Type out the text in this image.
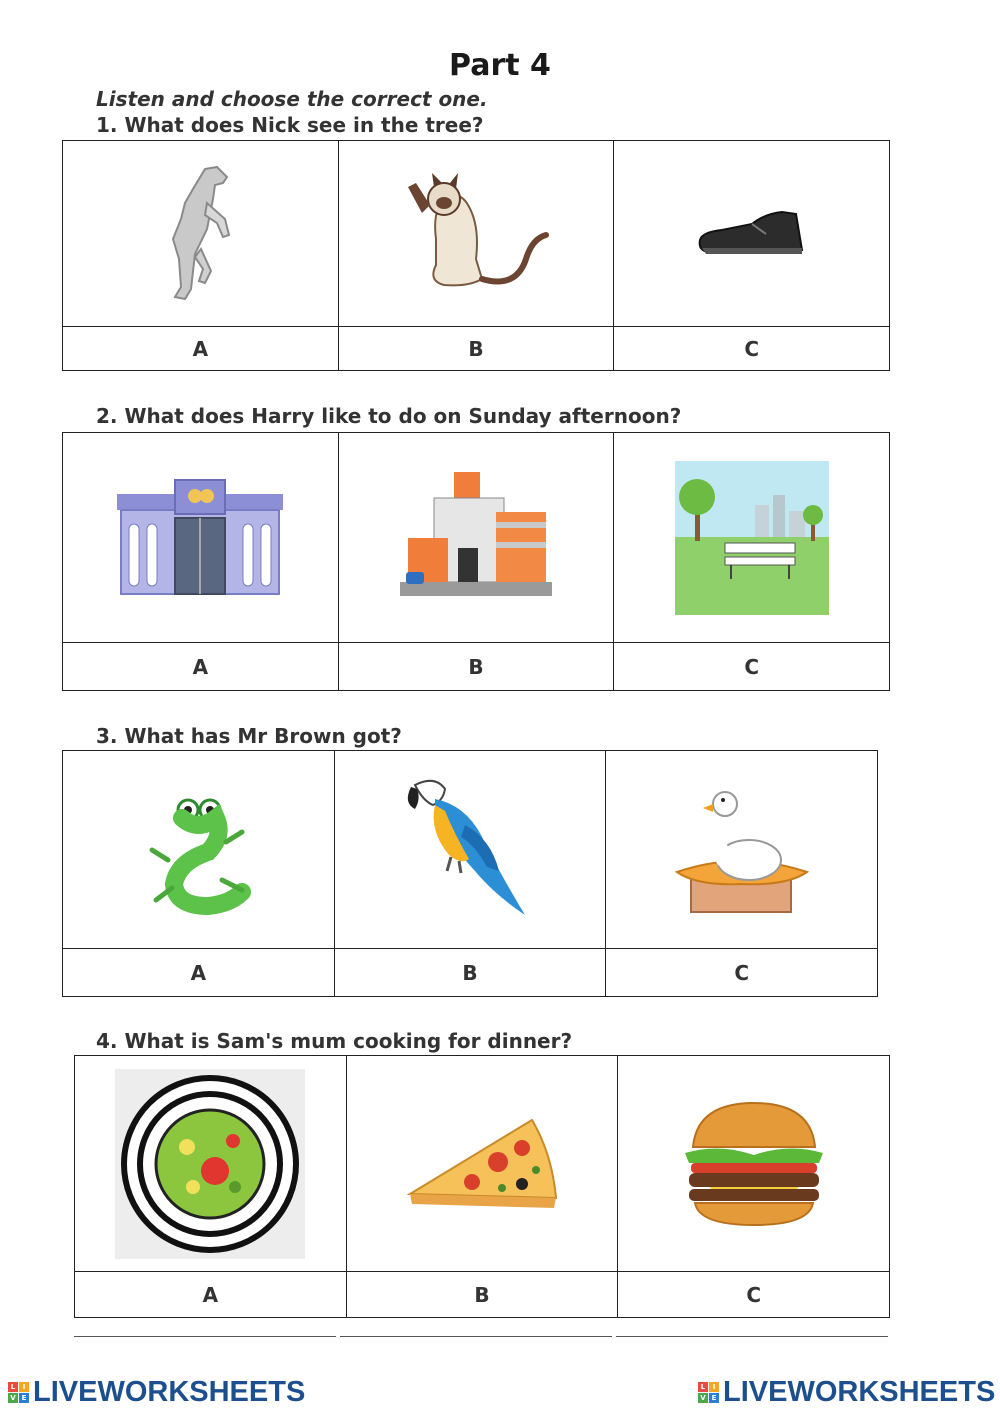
Part 4

Listen and choose the correct one.

1. What does Nick see in the tree?

A	B	C

2. What does Harry like to do on Sunday afternoon?

A	B	C

3. What has Mr Brown got?

A	B	C

4. What is Sam's mum cooking for dinner?

A	B	C
L	I
V E LIVEWORKSHEETS	L	I
V E LIVEWORKSHEETS
